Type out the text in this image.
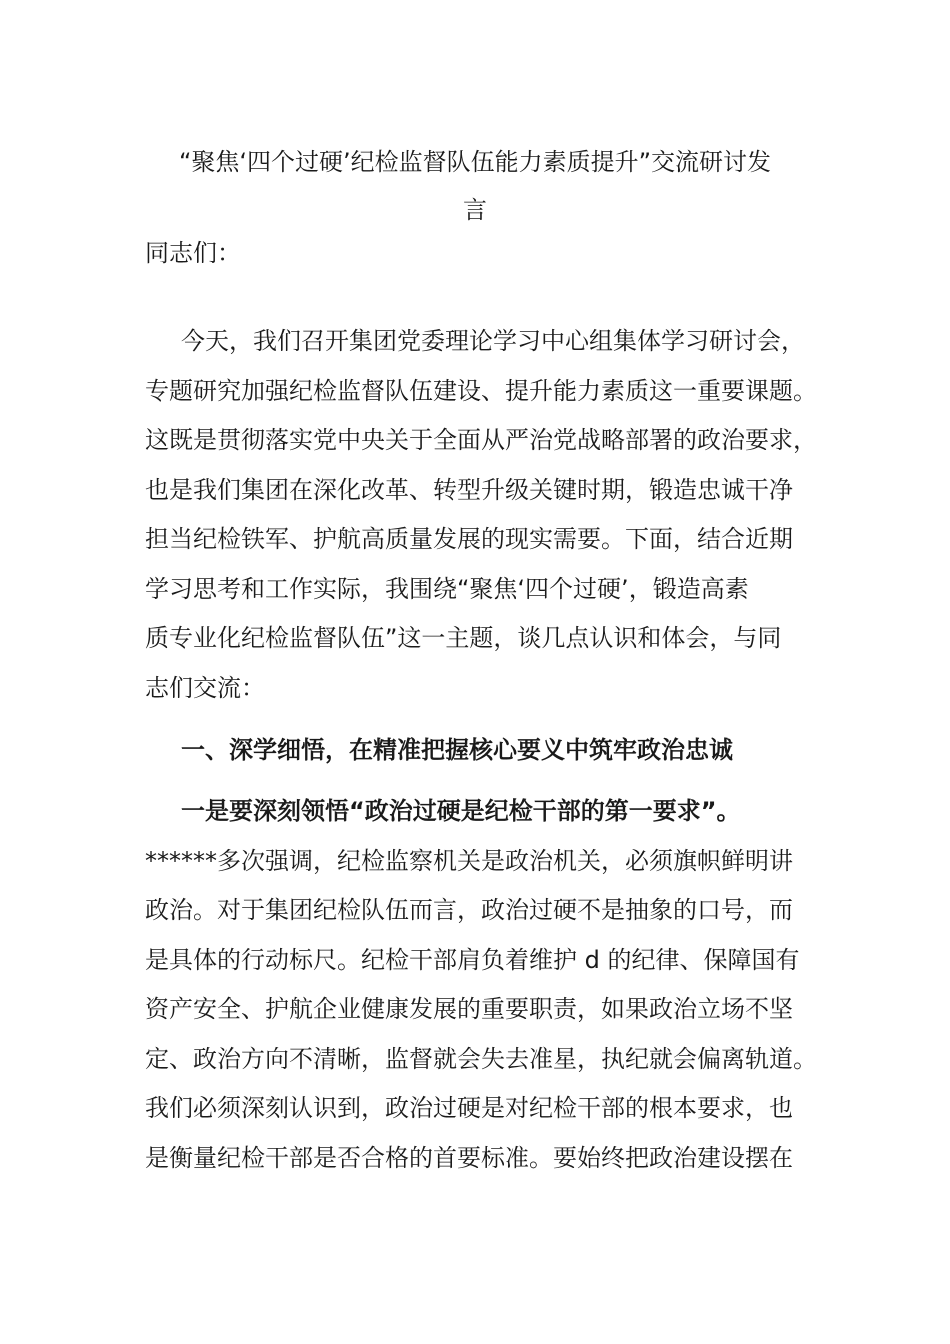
“聚焦‘四个过硬’纪检监督队伍能力素质提升”交流研讨发
言
同志们：
今天，我们召开集团党委理论学习中心组集体学习研讨会，
专题研究加强纪检监督队伍建设、提升能力素质这一重要课题。
这既是贯彻落实党中央关于全面从严治党战略部署的政治要求，
也是我们集团在深化改革、转型升级关键时期，锻造忠诚干净
担当纪检铁军、护航高质量发展的现实需要。下面，结合近期
学习思考和工作实际，我围绕“聚焦‘四个过硬’，锻造高素
质专业化纪检监督队伍”这一主题，谈几点认识和体会，与同
志们交流：
一、深学细悟，在精准把握核心要义中筑牢政治忠诚
一是要深刻领悟“政治过硬是纪检干部的第一要求”。
******多次强调，纪检监察机关是政治机关，必须旗帜鲜明讲
政治。对于集团纪检队伍而言，政治过硬不是抽象的口号，而
是具体的行动标尺。纪检干部肩负着维护 d 的纪律、保障国有
资产安全、护航企业健康发展的重要职责，如果政治立场不坚
定、政治方向不清晰，监督就会失去准星，执纪就会偏离轨道。
我们必须深刻认识到，政治过硬是对纪检干部的根本要求，也
是衡量纪检干部是否合格的首要标准。要始终把政治建设摆在
